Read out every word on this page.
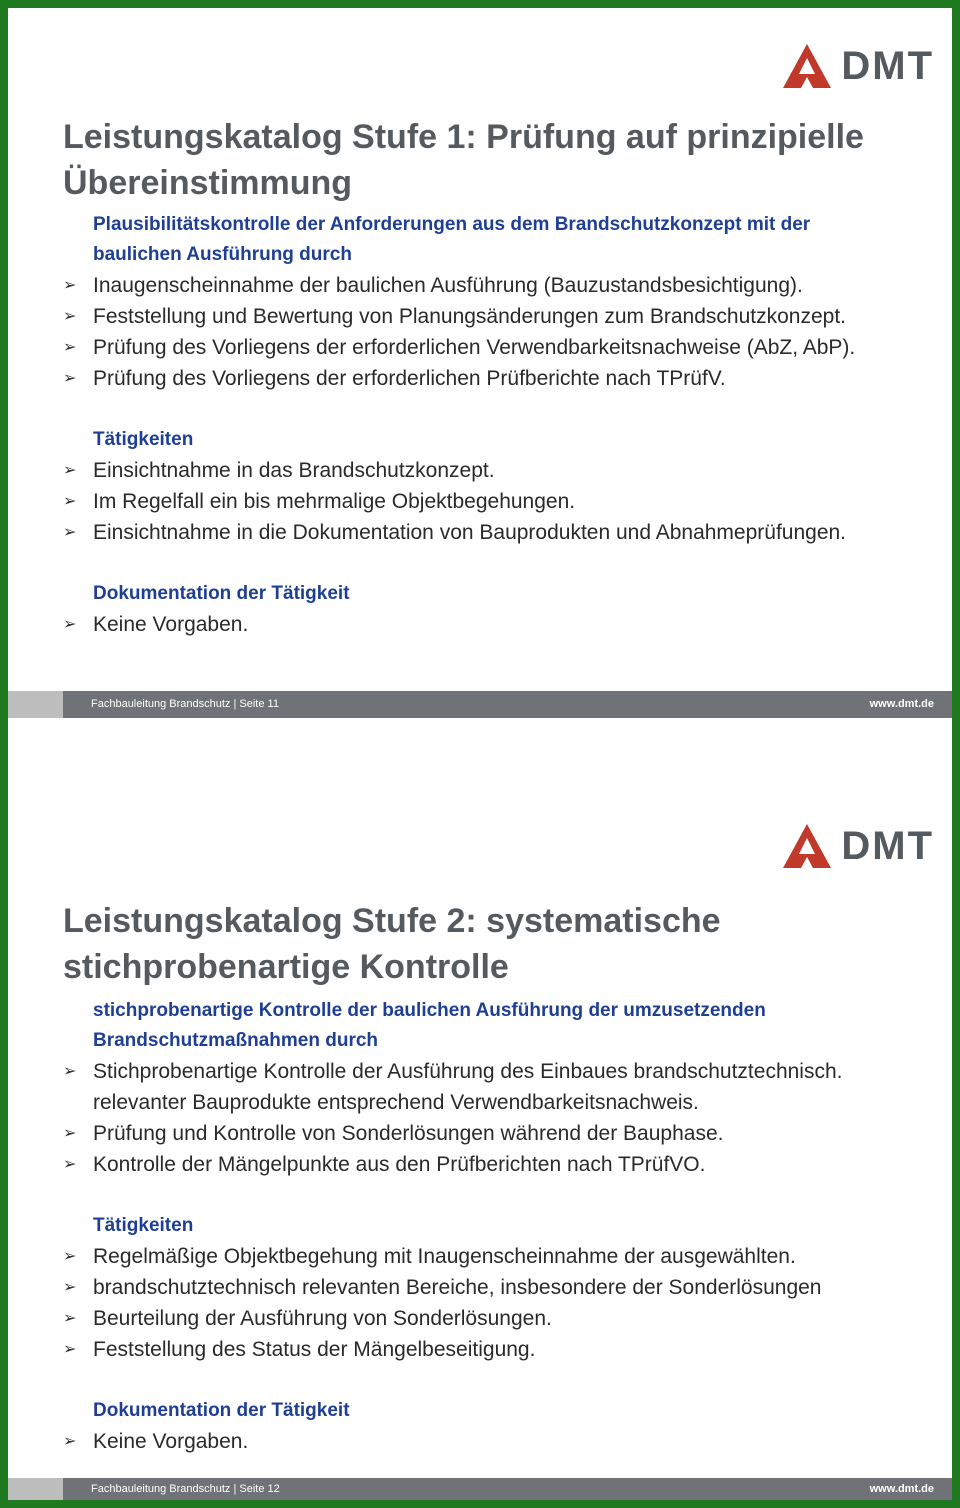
DMT
Leistungskatalog Stufe 1: Prüfung auf prinzipielle
Übereinstimmung
Plausibilitätskontrolle der Anforderungen aus dem Brandschutzkonzept mit der
baulichen Ausführung durch
➢ Inaugenscheinnahme der baulichen Ausführung (Bauzustandsbesichtigung).
➢ Feststellung und Bewertung von Planungsänderungen zum Brandschutzkonzept.
➢ Prüfung des Vorliegens der erforderlichen Verwendbarkeitsnachweise (AbZ, AbP).
➢ Prüfung des Vorliegens der erforderlichen Prüfberichte nach TPrüfV.
Tätigkeiten
➢ Einsichtnahme in das Brandschutzkonzept.
➢ Im Regelfall ein bis mehrmalige Objektbegehungen.
➢ Einsichtnahme in die Dokumentation von Bauprodukten und Abnahmeprüfungen.
Dokumentation der Tätigkeit
➢ Keine Vorgaben.
Fachbauleitung Brandschutz | Seite 11	www.dmt.de
DMT
Leistungskatalog Stufe 2: systematische
stichprobenartige Kontrolle
stichprobenartige Kontrolle der baulichen Ausführung der umzusetzenden
Brandschutzmaßnahmen durch
➢ Stichprobenartige Kontrolle der Ausführung des Einbaues brandschutztechnisch.
relevanter Bauprodukte entsprechend Verwendbarkeitsnachweis.
➢ Prüfung und Kontrolle von Sonderlösungen während der Bauphase.
➢ Kontrolle der Mängelpunkte aus den Prüfberichten nach TPrüfVO.
Tätigkeiten
➢ Regelmäßige Objektbegehung mit Inaugenscheinnahme der ausgewählten.
➢ brandschutztechnisch relevanten Bereiche, insbesondere der Sonderlösungen
➢ Beurteilung der Ausführung von Sonderlösungen.
➢ Feststellung des Status der Mängelbeseitigung.
Dokumentation der Tätigkeit
➢ Keine Vorgaben.
Fachbauleitung Brandschutz | Seite 12	www.dmt.de
